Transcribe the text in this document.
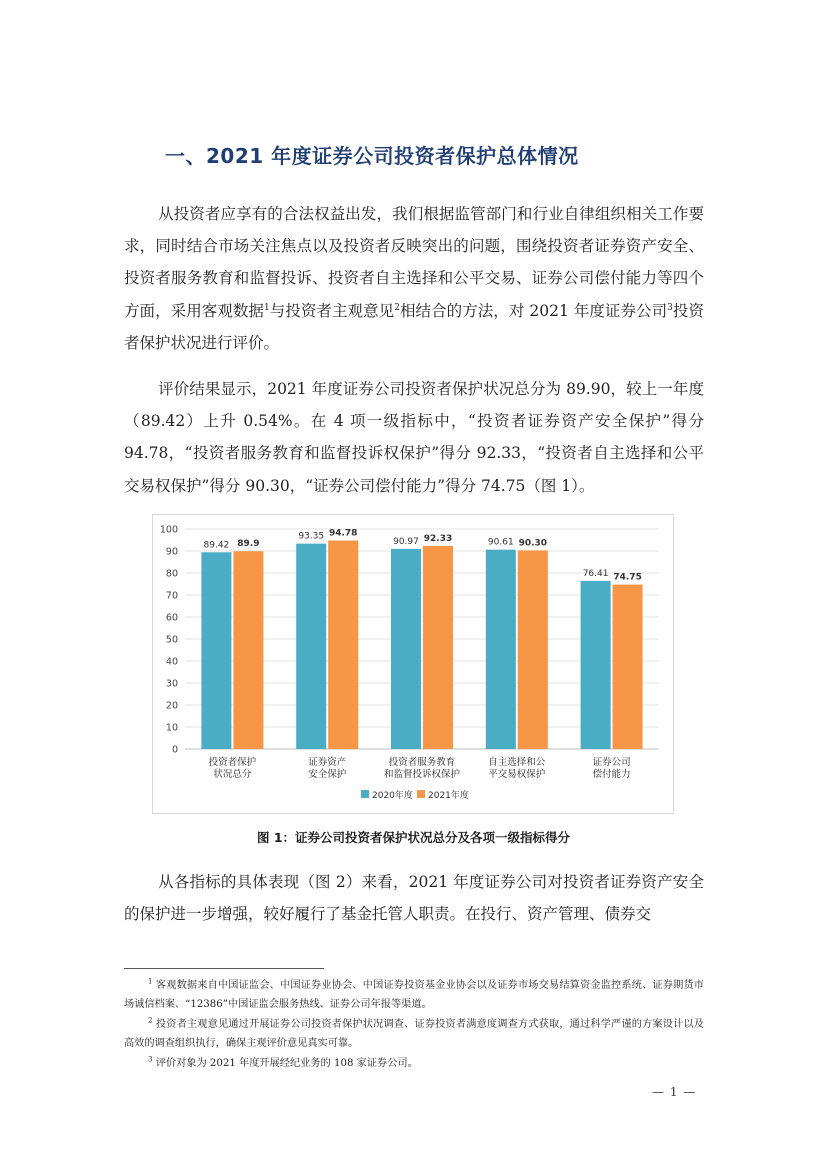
一、2021 年度证券公司投资者保护总体情况

从投资者应享有的合法权益出发，我们根据监管部门和行业自律组织相关工作要求，同时结合市场关注焦点以及投资者反映突出的问题，围绕投资者证券资产安全、投资者服务教育和监督投诉、投资者自主选择和公平交易、证券公司偿付能力等四个方面，采用客观数据$^1$与投资者主观意见$^2$相结合的方法，对 2021 年度证券公司$^3$投资者保护状况进行评价。

评价结果显示，2021 年度证券公司投资者保护状况总分为 89.90，较上一年度（89.42）上升 0.54%。在 4 项一级指标中，“投资者证券资产安全保护”得分 94.78，“投资者服务教育和监督投诉权保护”得分 92.33，“投资者自主选择和公平交易权保护”得分 90.30，“证券公司偿付能力”得分 74.75（图 1）。

0
10
20
30
40
50
60
70
80
90
100
89.42 89.9
投资者保护
状况总分
93.35 94.78
证券资产
安全保护
90.97 92.33
投资者服务教育
和监督投诉权保护
90.61 90.30
自主选择和公
平交易权保护
76.41 74.75
证券公司
偿付能力
2020年度 2021年度
图 1：证券公司投资者保护状况总分及各项一级指标得分

从各指标的具体表现（图 2）来看，2021 年度证券公司对投资者证券资产安全的保护进一步增强，较好履行了基金托管人职责。在投行、资产管理、债券交

$^1$ 客观数据来自中国证监会、中国证券业协会、中国证券投资基金业协会以及证券市场交易结算资金监控系统、证券期货市场诚信档案、“12386”中国证监会服务热线、证券公司年报等渠道。

$^2$ 投资者主观意见通过开展证券公司投资者保护状况调查、证券投资者满意度调查方式获取，通过科学严谨的方案设计以及高效的调查组织执行，确保主观评价意见真实可靠。

$^3$ 评价对象为 2021 年度开展经纪业务的 108 家证券公司。

— 1 —
